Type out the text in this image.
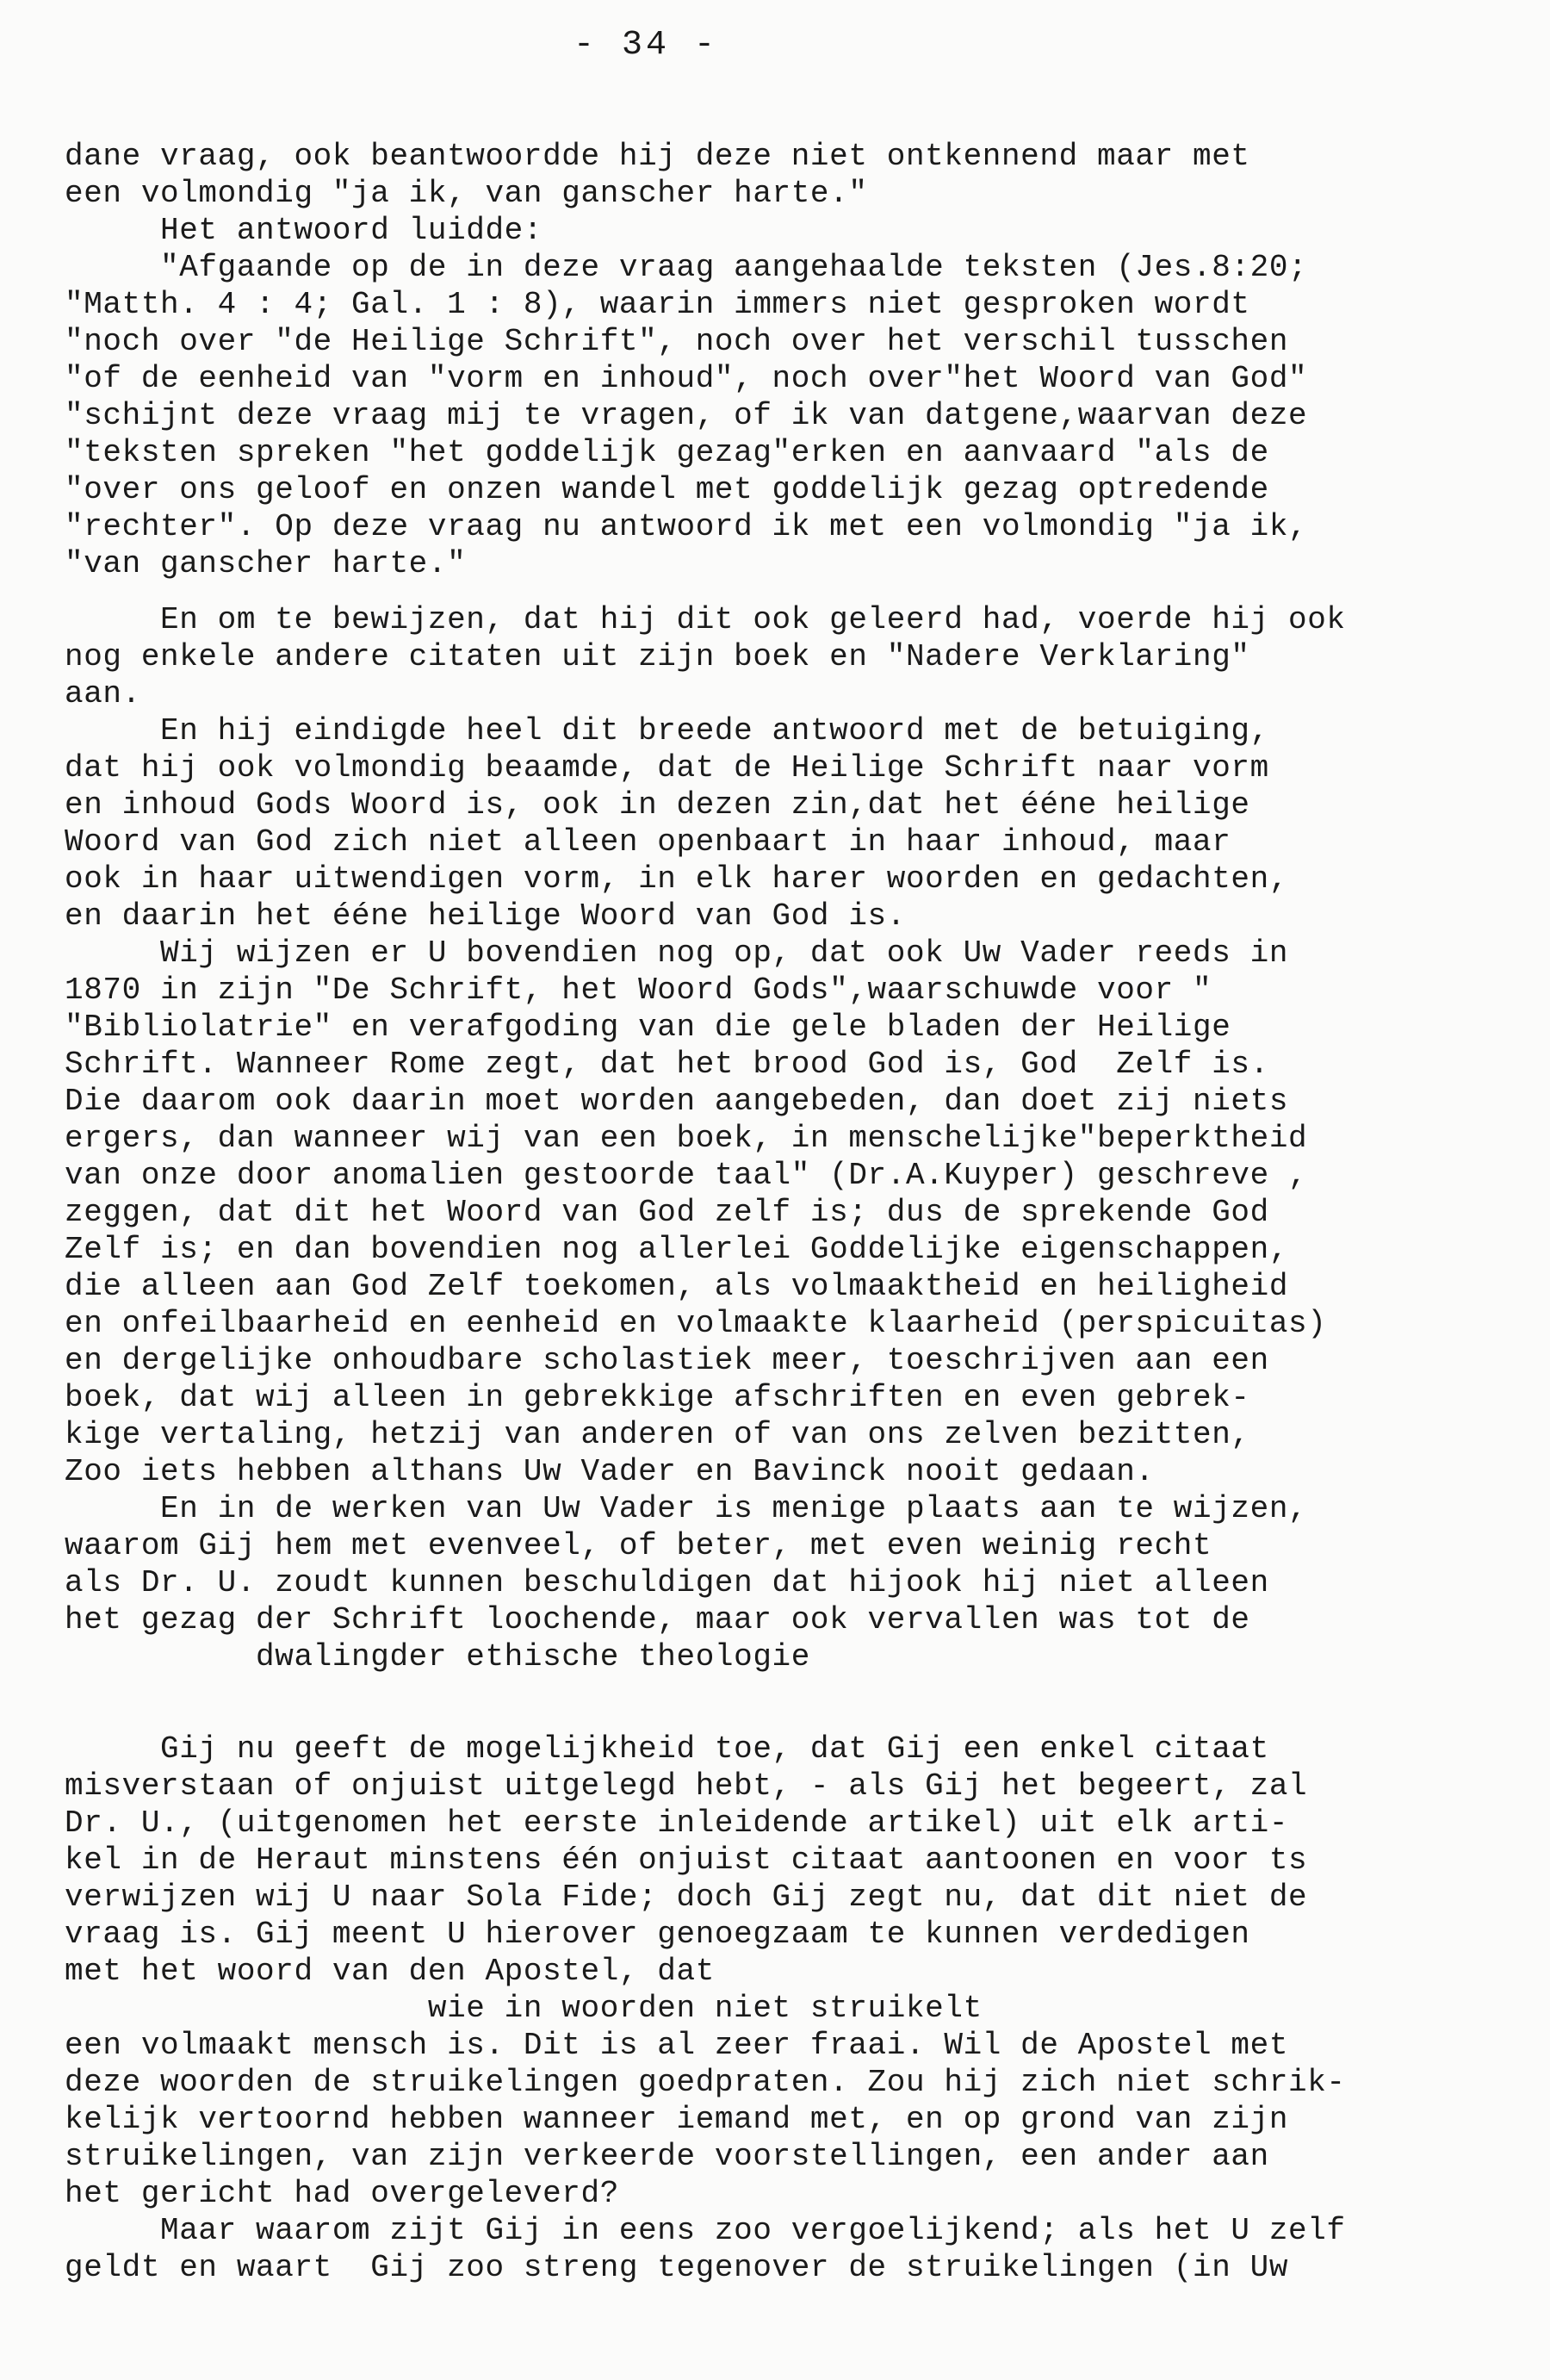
- 34 -
dane vraag, ook beantwoordde hij deze niet ontkennend maar met
een volmondig "ja ik, van ganscher harte."
Het antwoord luidde:
"Afgaande op de in deze vraag aangehaalde teksten (Jes.8:20;
"Matth. 4 : 4; Gal. 1 : 8), waarin immers niet gesproken wordt
"noch over "de Heilige Schrift", noch over het verschil tusschen
"of de eenheid van "vorm en inhoud", noch over"het Woord van God"
"schijnt deze vraag mij te vragen, of ik van datgene,waarvan deze
"teksten spreken "het goddelijk gezag"erken en aanvaard "als de
"over ons geloof en onzen wandel met goddelijk gezag optredende
"rechter". Op deze vraag nu antwoord ik met een volmondig "ja ik,
"van ganscher harte."
En om te bewijzen, dat hij dit ook geleerd had, voerde hij ook
nog enkele andere citaten uit zijn boek en "Nadere Verklaring"
aan.
En hij eindigde heel dit breede antwoord met de betuiging,
dat hij ook volmondig beaamde, dat de Heilige Schrift naar vorm
en inhoud Gods Woord is, ook in dezen zin,dat het ééne heilige
Woord van God zich niet alleen openbaart in haar inhoud, maar
ook in haar uitwendigen vorm, in elk harer woorden en gedachten,
en daarin het ééne heilige Woord van God is.
Wij wijzen er U bovendien nog op, dat ook Uw Vader reeds in
1870 in zijn "De Schrift, het Woord Gods",waarschuwde voor "
"Bibliolatrie" en verafgoding van die gele bladen der Heilige
Schrift. Wanneer Rome zegt, dat het brood God is, God  Zelf is.
Die daarom ook daarin moet worden aangebeden, dan doet zij niets
ergers, dan wanneer wij van een boek, in menschelijke"beperktheid
van onze door anomalien gestoorde taal" (Dr.A.Kuyper) geschreve ,
zeggen, dat dit het Woord van God zelf is; dus de sprekende God
Zelf is; en dan bovendien nog allerlei Goddelijke eigenschappen,
die alleen aan God Zelf toekomen, als volmaaktheid en heiligheid
en onfeilbaarheid en eenheid en volmaakte klaarheid (perspicuitas)
en dergelijke onhoudbare scholastiek meer, toeschrijven aan een
boek, dat wij alleen in gebrekkige afschriften en even gebrek-
kige vertaling, hetzij van anderen of van ons zelven bezitten,
Zoo iets hebben althans Uw Vader en Bavinck nooit gedaan.
En in de werken van Uw Vader is menige plaats aan te wijzen,
waarom Gij hem met evenveel, of beter, met even weinig recht
als Dr. U. zoudt kunnen beschuldigen dat hijook hij niet alleen
het gezag der Schrift loochende, maar ook vervallen was tot de
dwalingder ethische theologie
Gij nu geeft de mogelijkheid toe, dat Gij een enkel citaat
misverstaan of onjuist uitgelegd hebt, - als Gij het begeert, zal
Dr. U., (uitgenomen het eerste inleidende artikel) uit elk arti-
kel in de Heraut minstens één onjuist citaat aantoonen en voor ts
verwijzen wij U naar Sola Fide; doch Gij zegt nu, dat dit niet de
vraag is. Gij meent U hierover genoegzaam te kunnen verdedigen
met het woord van den Apostel, dat
wie in woorden niet struikelt
een volmaakt mensch is. Dit is al zeer fraai. Wil de Apostel met
deze woorden de struikelingen goedpraten. Zou hij zich niet schrik-
kelijk vertoornd hebben wanneer iemand met, en op grond van zijn
struikelingen, van zijn verkeerde voorstellingen, een ander aan
het gericht had overgeleverd?
Maar waarom zijt Gij in eens zoo vergoelijkend; als het U zelf
geldt en waart  Gij zoo streng tegenover de struikelingen (in Uw
